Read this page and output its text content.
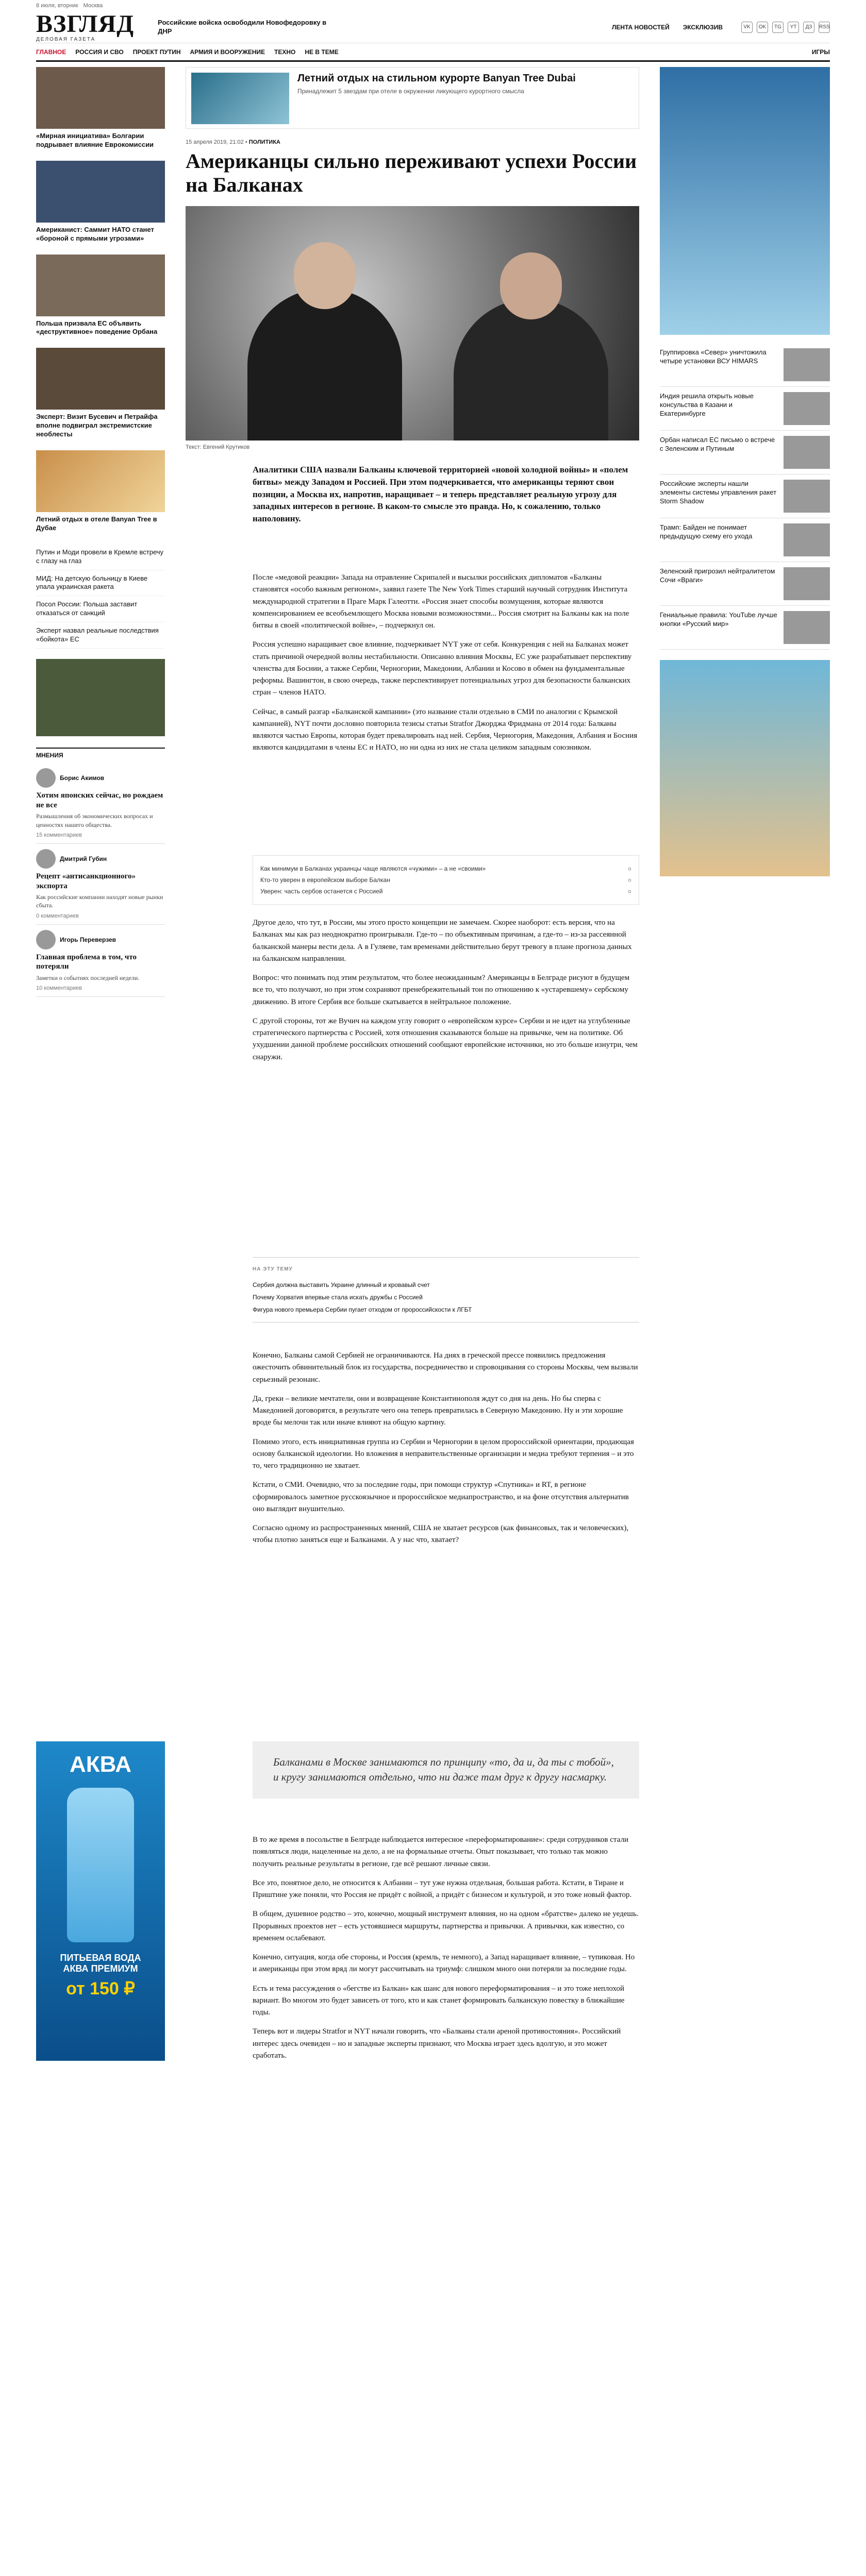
8 июля, вторник Москва
ВЗГЛЯД
ДЕЛОВАЯ ГАЗЕТА
Российские войска освободили Новофедоровку в ДНР	ЛЕНТА НОВОСТЕЙ ЭКСКЛЮЗИВ	VK	OK	TG	YT	ДЗ	RSS
ГЛАВНОЕ РОССИЯ И СВО ПРОЕКТ ПУТИН АРМИЯ И ВООРУЖЕНИЕ ТЕХНО НЕ В ТЕМЕ	ИГРЫ
«Мирная инициатива» Болгарии подрывает влияние Еврокомиссии
Американист: Саммит НАТО станет «бороной с прямыми угрозами»
Польша призвала ЕС объявить «деструктивное» поведение Орбана
Эксперт: Визит Бусевич и Петрайфа вполне подвиграл экстремистские необлесты
Летний отдых в отеле Banyan Tree в Дубае
Путин и Моди провели в Кремле встречу с глазу на глаз
МИД: На детскую больницу в Киеве упала украинская ракета
Посол России: Польша заставит отказаться от санкций
Эксперт назвал реальные последствия «бойкота» ЕС
МНЕНИЯ
Борис Акимов
Хотим японских сейчас, но рождаем не все
Размышления об экономических вопросах и ценностях нашего общества.
15 комментариев
Дмитрий Губин
Рецепт «антисанкционного» экспорта
Как российские компании находят новые рынки сбыта.
0 комментариев
Игорь Переверзев
Главная проблема в том, что потеряли
Заметки о событиях последней недели.
10 комментариев
АКВА
ПИТЬЕВАЯ ВОДА
АКВА ПРЕМИУМ
от 150 ₽
Летний отдых на стильном курорте Banyan Tree Dubai
Принадлежит 5 звездам при отеле в окружении ликующего курортного смысла
15 апреля 2019, 21:02 • ПОЛИТИКА
Американцы сильно переживают успехи России на Балканах
Текст: Евгений Крутиков
Аналитики США назвали Балканы ключевой территорией «новой холодной войны» и «полем битвы» между Западом и Россией. При этом подчеркивается, что американцы теряют свои позиции, а Москва их, напротив, наращивает – и теперь представляет реальную угрозу для западных интересов в регионе. В каком-то смысле это правда. Но, к сожалению, только наполовину.

После «медовой реакции» Запада на отравление Скрипалей и высылки российских дипломатов «Балканы становятся «особо важным регионом», заявил газете The New York Times старший научный сотрудник Института международной стратегии в Праге Марк Галеотти. «Россия знает способы возмущения, которые являются компенсированием ее всеобъемлющего Москва новыми возможностями... Россия смотрит на Балканы как на поле битвы в своей «политической войне», – подчеркнул он.

Россия успешно наращивает свое влияние, подчеркивает NYT уже от себя. Конкуренция с ней на Балканах может стать причиной очередной волны нестабильности. Описанно влияния Москвы, ЕС уже разрабатывает перспективу членства для Боснии, а также Сербии, Черногории, Македонии, Албании и Косово в обмен на фундаментальные реформы. Вашингтон, в свою очередь, также перспективирует потенциальных угроз для безопасности балканских стран – членов НАТО.

Сейчас, в самый разгар «Балканской кампании» (это название стали отдельно в СМИ по аналогии с Крымской кампанией), NYT почти дословно повторила тезисы статьи Stratfor Джорджа Фридмана от 2014 года: Балканы являются частью Европы, которая будет превалировать над ней. Сербия, Черногория, Македония, Албания и Босния являются кандидатами в члены ЕС и НАТО, но ни одна из них не стала целиком западным союзником.

Как минимум в Балканах украинцы чаще являются «чужими» – а не «своими»	○
Кто-то уверен в европейском выборе Балкан	○
Уверен: часть сербов останется с Россией	○

Другое дело, что тут, в России, мы этого просто концепции не замечаем. Скорее наоборот: есть версия, что на Балканах мы как раз неоднократно проигрывали. Где-то – по объективным причинам, а где-то – из-за рассеянной балканской манеры вести дела. А в Гуляеве, там временами действительно берут тревогу в плане прогноза данных на балканском направлении.

Вопрос: что понимать под этим результатом, что более неожиданным? Американцы в Белграде рисуют в будущем все то, что получают, но при этом сохраняют пренебрежительный тон по отношению к «устаревшему» сербскому движению. В итоге Сербия все больше скатывается в нейтральное положение.

С другой стороны, тот же Вучич на каждом углу говорит о «европейском курсе» Сербии и не идет на углубленные стратегического партнерства с Россией, хотя отношения сказываются больше на привычке, чем на политике. Об ухудшении данной проблеме российских отношений сообщают европейские источники, но это больше изнутри, чем снаружи.

НА ЭТУ ТЕМУ
Сербия должна выставить Украине длинный и кровавый счет
Почему Хорватия впервые стала искать дружбы с Россией
Фигура нового премьера Сербии пугает отходом от пророссийскости к ЛГБТ

Конечно, Балканы самой Сербией не ограничиваются. На днях в греческой прессе появились предложения ожесточить обвинительный блок из государства, посредничество и спровоцивания со стороны Москвы, чем вызвали серьезный резонанс.

Да, греки – великие мечтатели, они и возвращение Константинополя ждут со дня на день. Но бы сперва с Македонией договорятся, в результате чего она теперь превратилась в Северную Македонию. Ну и эти хорошие вроде бы мелочи так или иначе влияют на общую картину.

Помимо этого, есть инициативная группа из Сербии и Черногории в целом пророссийской ориентации, продающая основу балканской идеологии. Но вложения в неправительственные организации и медиа требуют терпения – и это то, чего традиционно не хватает.

Кстати, о СМИ. Очевидно, что за последние годы, при помощи структур «Спутника» и RT, в регионе сформировалось заметное русскоязычное и пророссийское медиапространство, и на фоне отсутствия альтернатив оно выглядит внушительно.

Согласно одному из распространенных мнений, США не хватает ресурсов (как финансовых, так и человеческих), чтобы плотно заняться еще и Балканами. А у нас что, хватает?

Балканами в Москве занимаются по принципу «то, да и, да ты с тобой», и кругу занимаются отдельно, что ни даже там друг к другу насмарку.

В то же время в посольстве в Белграде наблюдается интересное «переформатирование»: среди сотрудников стали появляться люди, нацеленные на дело, а не на формальные отчеты. Опыт показывает, что только так можно получить реальные результаты в регионе, где всё решают личные связи.

Все это, понятное дело, не относится к Албании – тут уже нужна отдельная, большая работа. Кстати, в Тиране и Приштине уже поняли, что Россия не придёт с войной, а придёт с бизнесом и культурой, и это тоже новый фактор.

В общем, душевное родство – это, конечно, мощный инструмент влияния, но на одном «братстве» далеко не уедешь. Прорывных проектов нет – есть устоявшиеся маршруты, партнерства и привычки. А привычки, как известно, со временем ослабевают.

Конечно, ситуация, когда обе стороны, и Россия (кремль, те немного), а Запад наращивает влияние, – тупиковая. Но и американцы при этом вряд ли могут рассчитывать на триумф: слишком много они потеряли за последние годы.

Есть и тема рассуждения о «бегстве из Балкан» как шанс для нового переформатирования – и это тоже неплохой вариант. Во многом это будет зависеть от того, кто и как станет формировать балканскую повестку в ближайшие годы.

Теперь вот и лидеры Stratfor и NYT начали говорить, что «Балканы стали ареной противостояния». Российский интерес здесь очевиден – но и западные эксперты признают, что Москва играет здесь вдолгую, и это может сработать.

Группировка «Север» уничтожила четыре установки ВСУ HIMARS
Индия решила открыть новые консульства в Казани и Екатеринбурге
Орбан написал ЕС письмо о встрече с Зеленским и Путиным
Российские эксперты нашли элементы системы управления ракет Storm Shadow
Трамп: Байден не понимает предыдущую схему его ухода
Зеленский пригрозил нейтралитетом Сочи «Враги»
Гениальные правила: YouTube лучше кнопки «Русский мир»
